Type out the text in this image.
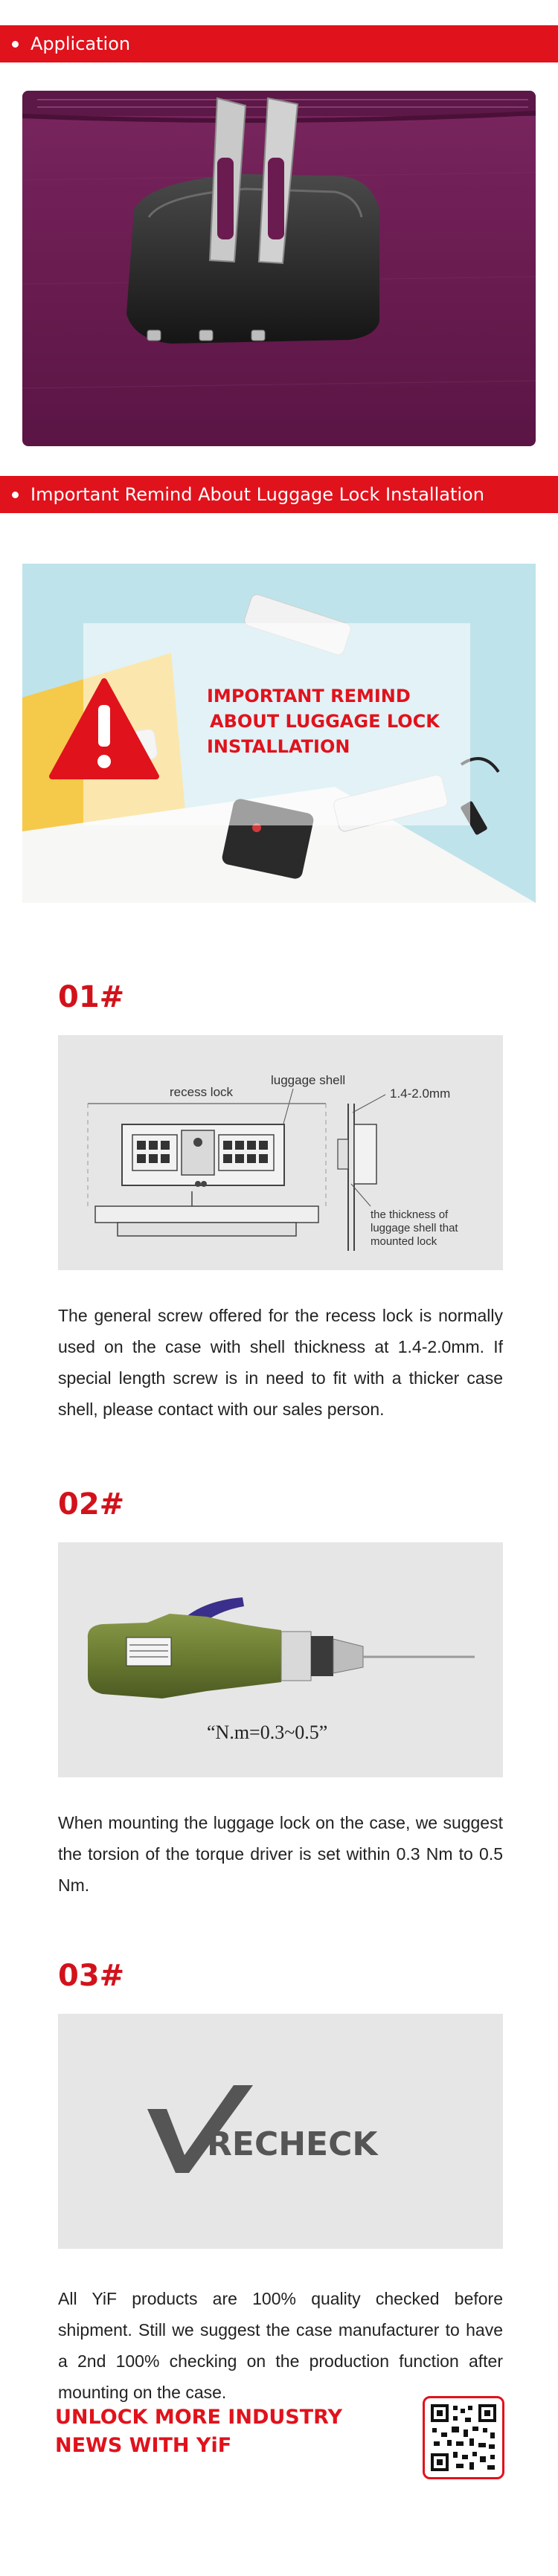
Application
Important Remind About Luggage Lock Installation
IMPORTANT REMIND
ABOUT LUGGAGE LOCK
INSTALLATION
01#
recess lock
luggage shell
1.4-2.0mm
the thickness of
luggage shell that
mounted lock
The general screw offered for the recess lock is normally used on the case with shell thickness at 1.4-2.0mm. If special length screw is in need to fit with a thicker case shell, please contact with our sales person.
02#
“N.m=0.3~0.5”
When mounting the luggage lock on the case, we suggest the torsion of the torque driver is set within 0.3 Nm to 0.5 Nm.
03#
RECHECK
All YiF products are 100% quality checked before shipment. Still we suggest the case manufacturer to have a 2nd 100% checking on the production function after mounting on the case.
UNLOCK MORE INDUSTRY
NEWS WITH YiF
